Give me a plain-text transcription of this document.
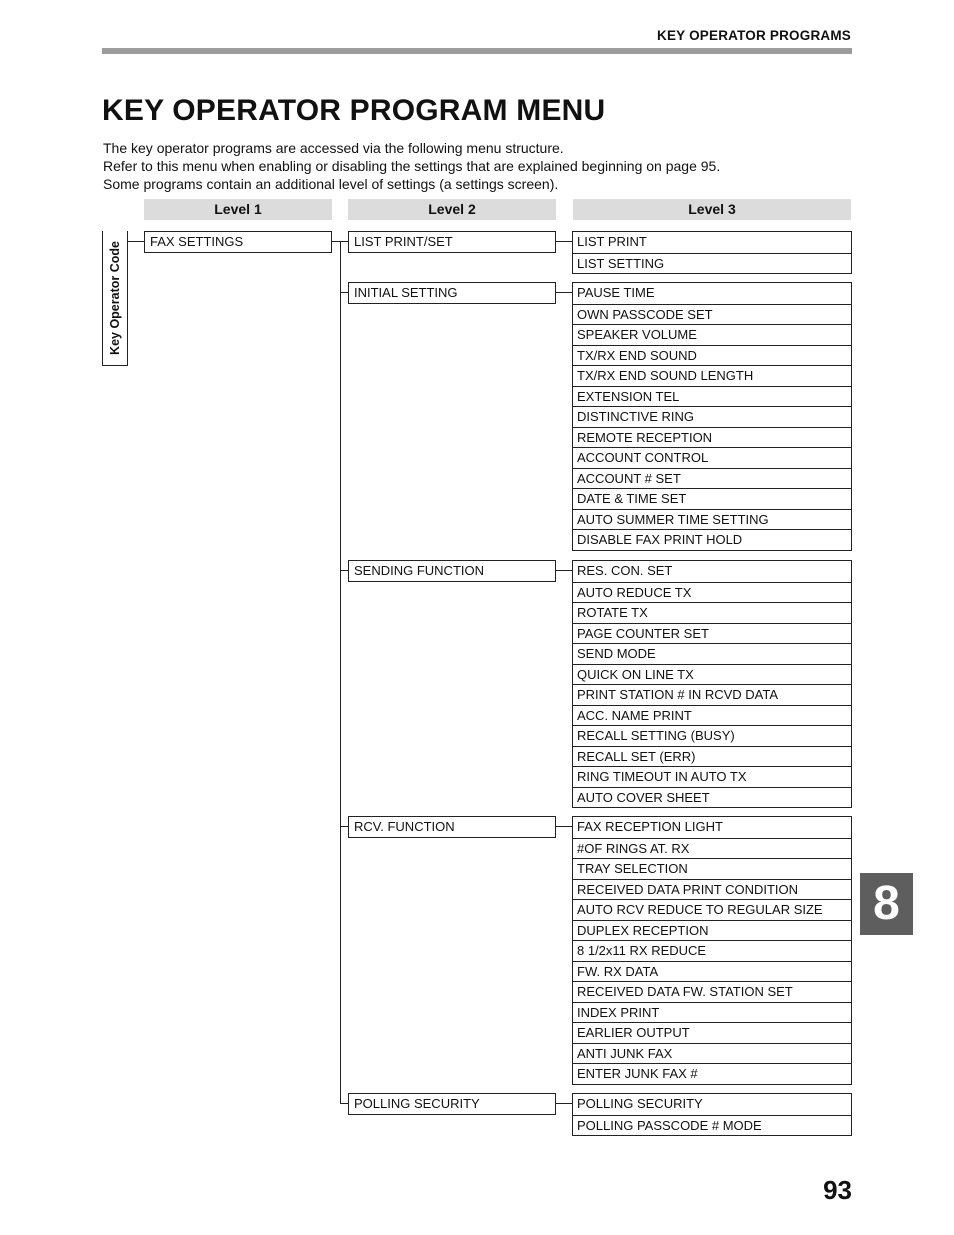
KEY OPERATOR PROGRAMS
KEY OPERATOR PROGRAM MENU
The key operator programs are accessed via the following menu structure.
Refer to this menu when enabling or disabling the settings that are explained beginning on page 95.
Some programs contain an additional level of settings (a settings screen).
Level 1	Level 2	Level 3
Key Operator Code	FAX SETTINGS	LIST PRINT/SET	LIST PRINT
LIST SETTING
INITIAL SETTING	PAUSE TIME
OWN PASSCODE SET
SPEAKER VOLUME
TX/RX END SOUND
TX/RX END SOUND LENGTH
EXTENSION TEL
DISTINCTIVE RING
REMOTE RECEPTION
ACCOUNT CONTROL
ACCOUNT # SET
DATE & TIME SET
AUTO SUMMER TIME SETTING
DISABLE FAX PRINT HOLD
SENDING FUNCTION	RES. CON. SET
AUTO REDUCE TX
ROTATE TX
PAGE COUNTER SET
SEND MODE
QUICK ON LINE TX
PRINT STATION # IN RCVD DATA
ACC. NAME PRINT
RECALL SETTING (BUSY)
RECALL SET (ERR)
RING TIMEOUT IN AUTO TX
AUTO COVER SHEET
RCV. FUNCTION	FAX RECEPTION LIGHT
#OF RINGS AT. RX
TRAY SELECTION
RECEIVED DATA PRINT CONDITION
AUTO RCV REDUCE TO REGULAR SIZE
DUPLEX RECEPTION
8 1/2x11 RX REDUCE
FW. RX DATA
RECEIVED DATA FW. STATION SET
INDEX PRINT
EARLIER OUTPUT
ANTI JUNK FAX
ENTER JUNK FAX #
POLLING SECURITY	POLLING SECURITY
POLLING PASSCODE # MODE
8
93
